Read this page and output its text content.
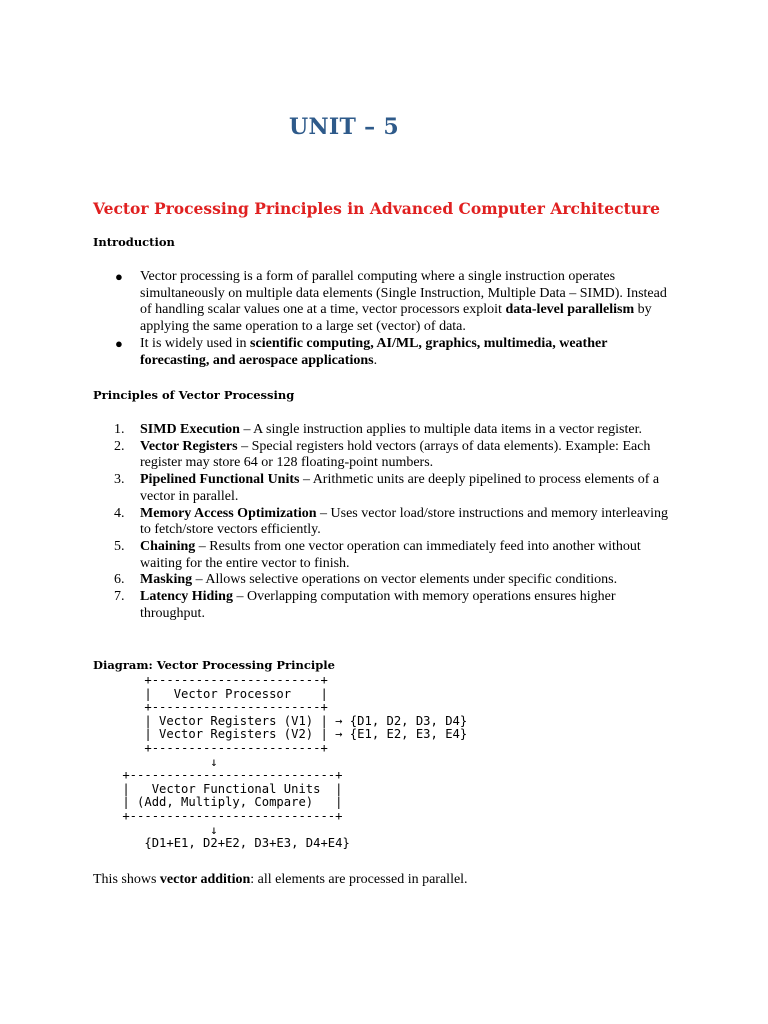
UNIT – 5
Vector Processing Principles in Advanced Computer Architecture
Introduction
● Vector processing is a form of parallel computing where a single instruction operates simultaneously on multiple data elements (Single Instruction, Multiple Data – SIMD). Instead of handling scalar values one at a time, vector processors exploit data-level parallelism by applying the same operation to a large set (vector) of data.
● It is widely used in scientific computing, AI/ML, graphics, multimedia, weather forecasting, and aerospace applications.
Principles of Vector Processing
1. SIMD Execution – A single instruction applies to multiple data items in a vector register.
2. Vector Registers – Special registers hold vectors (arrays of data elements). Example: Each register may store 64 or 128 floating-point numbers.
3. Pipelined Functional Units – Arithmetic units are deeply pipelined to process elements of a vector in parallel.
4. Memory Access Optimization – Uses vector load/store instructions and memory interleaving to fetch/store vectors efficiently.
5. Chaining – Results from one vector operation can immediately feed into another without waiting for the entire vector to finish.
6. Masking – Allows selective operations on vector elements under specific conditions.
7. Latency Hiding – Overlapping computation with memory operations ensures higher throughput.
Diagram: Vector Processing Principle
+-----------------------+
|   Vector Processor    |
+-----------------------+
| Vector Registers (V1) | → {D1, D2, D3, D4}
| Vector Registers (V2) | → {E1, E2, E3, E4}
+-----------------------+
↓
+----------------------------+
|   Vector Functional Units  |
| (Add, Multiply, Compare)   |
+----------------------------+
↓
{D1+E1, D2+E2, D3+E3, D4+E4}

This shows vector addition: all elements are processed in parallel.
